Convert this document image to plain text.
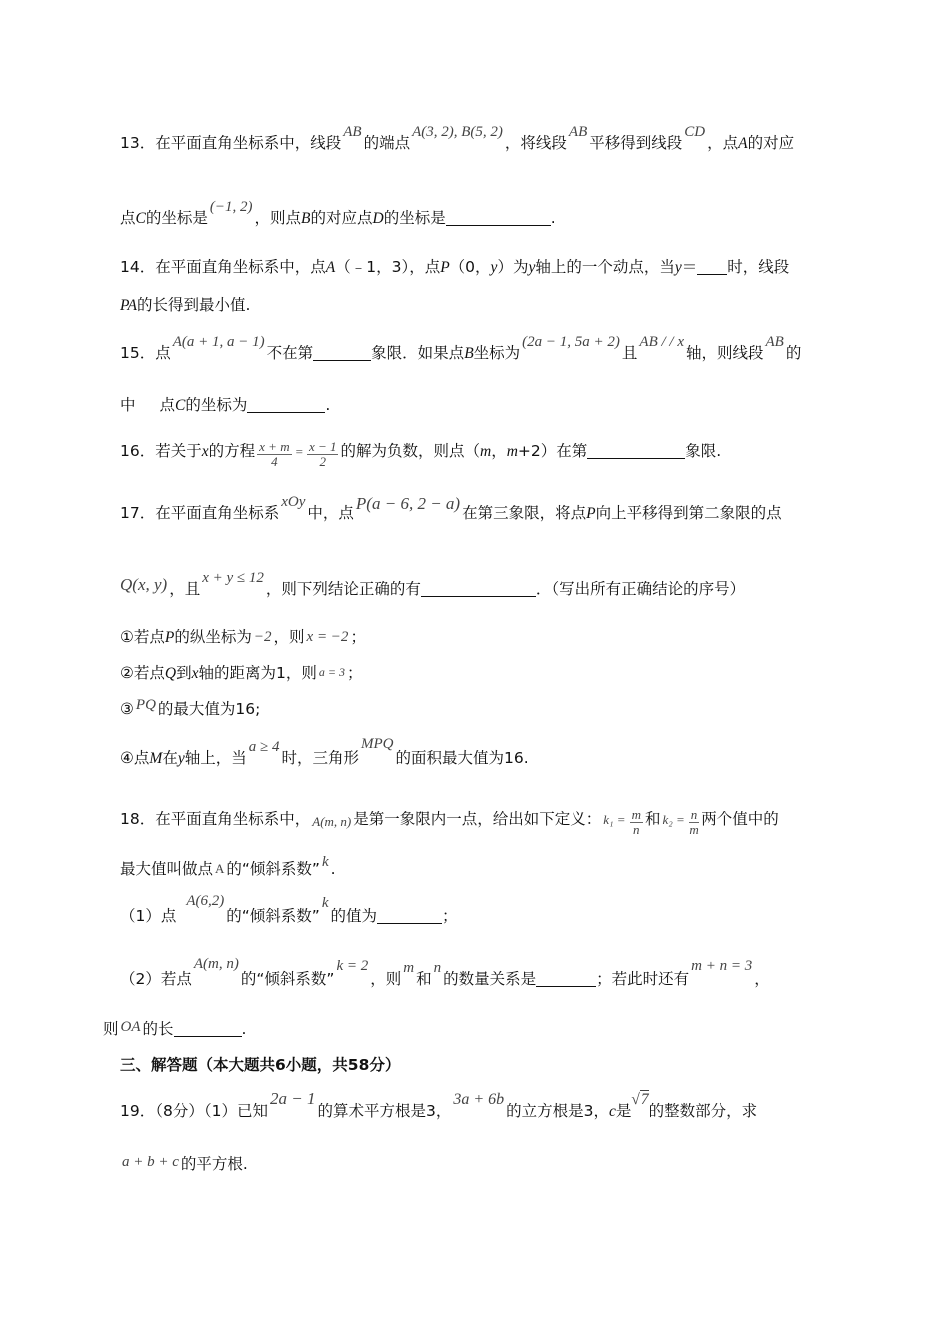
13．在平面直角坐标系中，线段AB的端点A(3, 2), B(5, 2)，将线段AB平移得到线段CD，点A的对应
点C的坐标是(−1, 2)，则点B的对应点D的坐标是	.
14．在平面直角坐标系中，点A（﹣1，3），点P（0，y）为y轴上的一个动点，当y＝ 时，线段
PA的长得到最小值.
15．点A(a + 1, a − 1)不在第	象限．如果点B坐标为(2a − 1, 5a + 2)且AB / / x轴，则线段AB的
中 点C的坐标为	.
16．若关于x的方程 $\frac{x + m}{4} = \frac{x - 1}{2}$ 的解为负数，则点（m，m+2）在第	象限.
17．在平面直角坐标系xOy中，点 P(a − 6, 2 − a) 在第三象限，将点P向上平移得到第二象限的点
Q(x, y) ，且x + y ≤ 12，则下列结论正确的有	．（写出所有正确结论的序号）
①若点P的纵坐标为 −2 ，则 x = −2 ；
②若点Q到x轴的距离为1，则 a = 3 ；
③ PQ 的最大值为16;
④点M在y轴上，当a ≥ 4时，三角形MPQ的面积最大值为16.
18．在平面直角坐标系中， A(m, n) 是第一象限内一点，给出如下定义： $k_1 = \frac{m}{n}$ 和 $k_2 = \frac{n}{m}$ 两个值中的
最大值叫做点 A 的“倾斜系数” k .
（1）点A(6,2)的“倾斜系数”k的值为	；
（2）若点A(m, n)的“倾斜系数”k = 2，则m和n的数量关系是	；若此时还有m + n = 3，
则 OA 的长	.
三、解答题（本大题共6小题，共58分）
19．（8分）（1）已知2a − 1的算术平方根是3，3a + 6b的立方根是3，c是√7的整数部分，求
a + b + c 的平方根.
